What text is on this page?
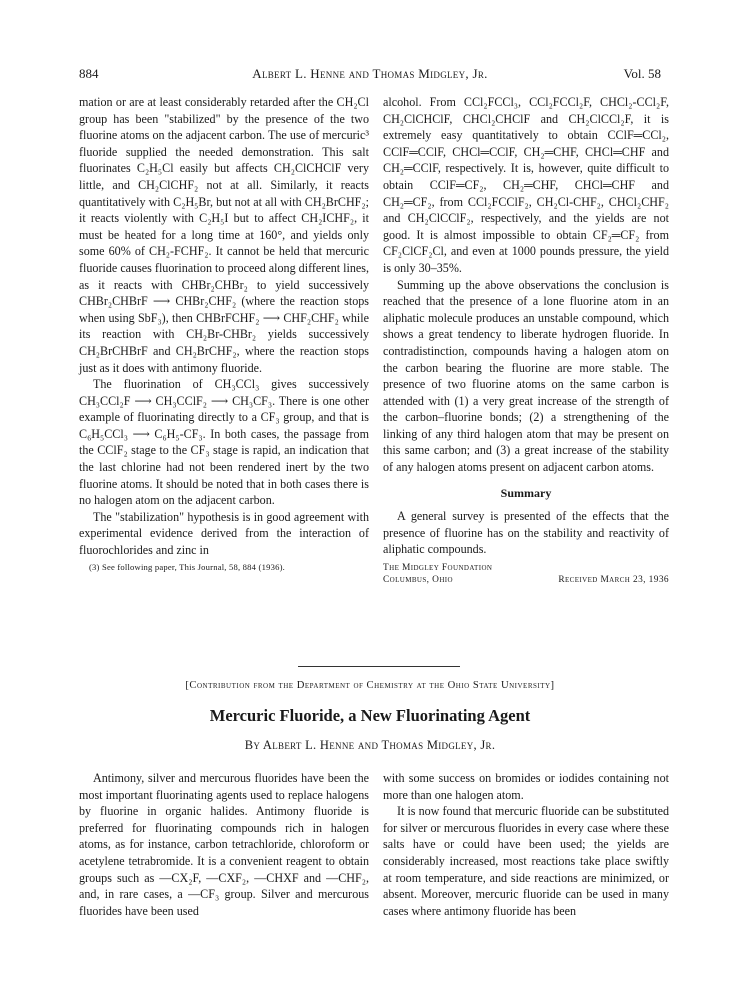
884	Albert L. Henne and Thomas Midgley, Jr.	Vol. 58

mation or are at least considerably retarded after the CH₂Cl group has been "stabilized" by the presence of the two fluorine atoms on the adjacent carbon. The use of mercuric³ fluoride supplied the needed demonstration. This salt fluorinates C₂H₅Cl easily but affects CH₂ClCHClF very little, and CH₂ClCHF₂ not at all. Similarly, it reacts quantitatively with C₂H₅Br, but not at all with CH₂BrCHF₂; it reacts violently with C₂H₅I but to affect CH₂ICHF₂, it must be heated for a long time at 160°, and yields only some 60% of CH₂-FCHF₂. It cannot be held that mercuric fluoride causes fluorination to proceed along different lines, as it reacts with CHBr₂CHBr₂ to yield successively CHBr₂CHBrF ⟶ CHBr₂CHF₂ (where the reaction stops when using SbF₃), then CHBrFCHF₂ ⟶ CHF₂CHF₂ while its reaction with CH₂Br-CHBr₂ yields successively CH₂BrCHBrF and CH₂BrCHF₂, where the reaction stops just as it does with antimony fluoride.

The fluorination of CH₃CCl₃ gives successively CH₃CCl₂F ⟶ CH₃CClF₂ ⟶ CH₃CF₃. There is one other example of fluorinating directly to a CF₃ group, and that is C₆H₅CCl₃ ⟶ C₆H₅-CF₃. In both cases, the passage from the CClF₂ stage to the CF₃ stage is rapid, an indication that the last chlorine had not been rendered inert by the two fluorine atoms. It should be noted that in both cases there is no halogen atom on the adjacent carbon.

The "stabilization" hypothesis is in good agreement with experimental evidence derived from the interaction of fluorochlorides and zinc in

(3) See following paper, This Journal, 58, 884 (1936).

alcohol. From CCl₂FCCl₃, CCl₂FCCl₂F, CHCl₂-CCl₂F, CH₂ClCHClF, CHCl₂CHClF and CH₂ClCCl₂F, it is extremely easy quantitatively to obtain CClF═CCl₂, CClF═CClF, CHCl═CClF, CH₂═CHF, CHCl═CHF and CH₂═CClF, respectively. It is, however, quite difficult to obtain CClF═CF₂, CH₂═CHF, CHCl═CHF and CH₂═CF₂, from CCl₂FCClF₂, CH₂Cl-CHF₂, CHCl₂CHF₂ and CH₂ClCClF₂, respectively, and the yields are not good. It is almost impossible to obtain CF₂═CF₂ from CF₂ClCF₂Cl, and even at 1000 pounds pressure, the yield is only 30–35%.

Summing up the above observations the conclusion is reached that the presence of a lone fluorine atom in an aliphatic molecule produces an unstable compound, which shows a great tendency to liberate hydrogen fluoride. In contradistinction, compounds having a halogen atom on the carbon bearing the fluorine are more stable. The presence of two fluorine atoms on the same carbon is attended with (1) a very great increase of the strength of the carbon–fluorine bonds; (2) a strengthening of the linking of any third halogen atom that may be present on this same carbon; and (3) a great increase of the stability of any halogen atoms present on adjacent carbon atoms.

Summary

A general survey is presented of the effects that the presence of fluorine has on the stability and reactivity of aliphatic compounds.

The Midgley Foundation
Columbus, Ohio	Received March 23, 1936
[Contribution from the Department of Chemistry at the Ohio State University]
Mercuric Fluoride, a New Fluorinating Agent
By Albert L. Henne and Thomas Midgley, Jr.

Antimony, silver and mercurous fluorides have been the most important fluorinating agents used to replace halogens by fluorine in organic halides. Antimony fluoride is preferred for fluorinating compounds rich in halogen atoms, as for instance, carbon tetrachloride, chloroform or acetylene tetrabromide. It is a convenient reagent to obtain groups such as —CX₂F, —CXF₂, —CHXF and —CHF₂, and, in rare cases, a —CF₃ group. Silver and mercurous fluorides have been used

with some success on bromides or iodides containing not more than one halogen atom.

It is now found that mercuric fluoride can be substituted for silver or mercurous fluorides in every case where these salts have or could have been used; the yields are considerably increased, most reactions take place swiftly at room temperature, and side reactions are minimized, or absent. Moreover, mercuric fluoride can be used in many cases where antimony fluoride has been
